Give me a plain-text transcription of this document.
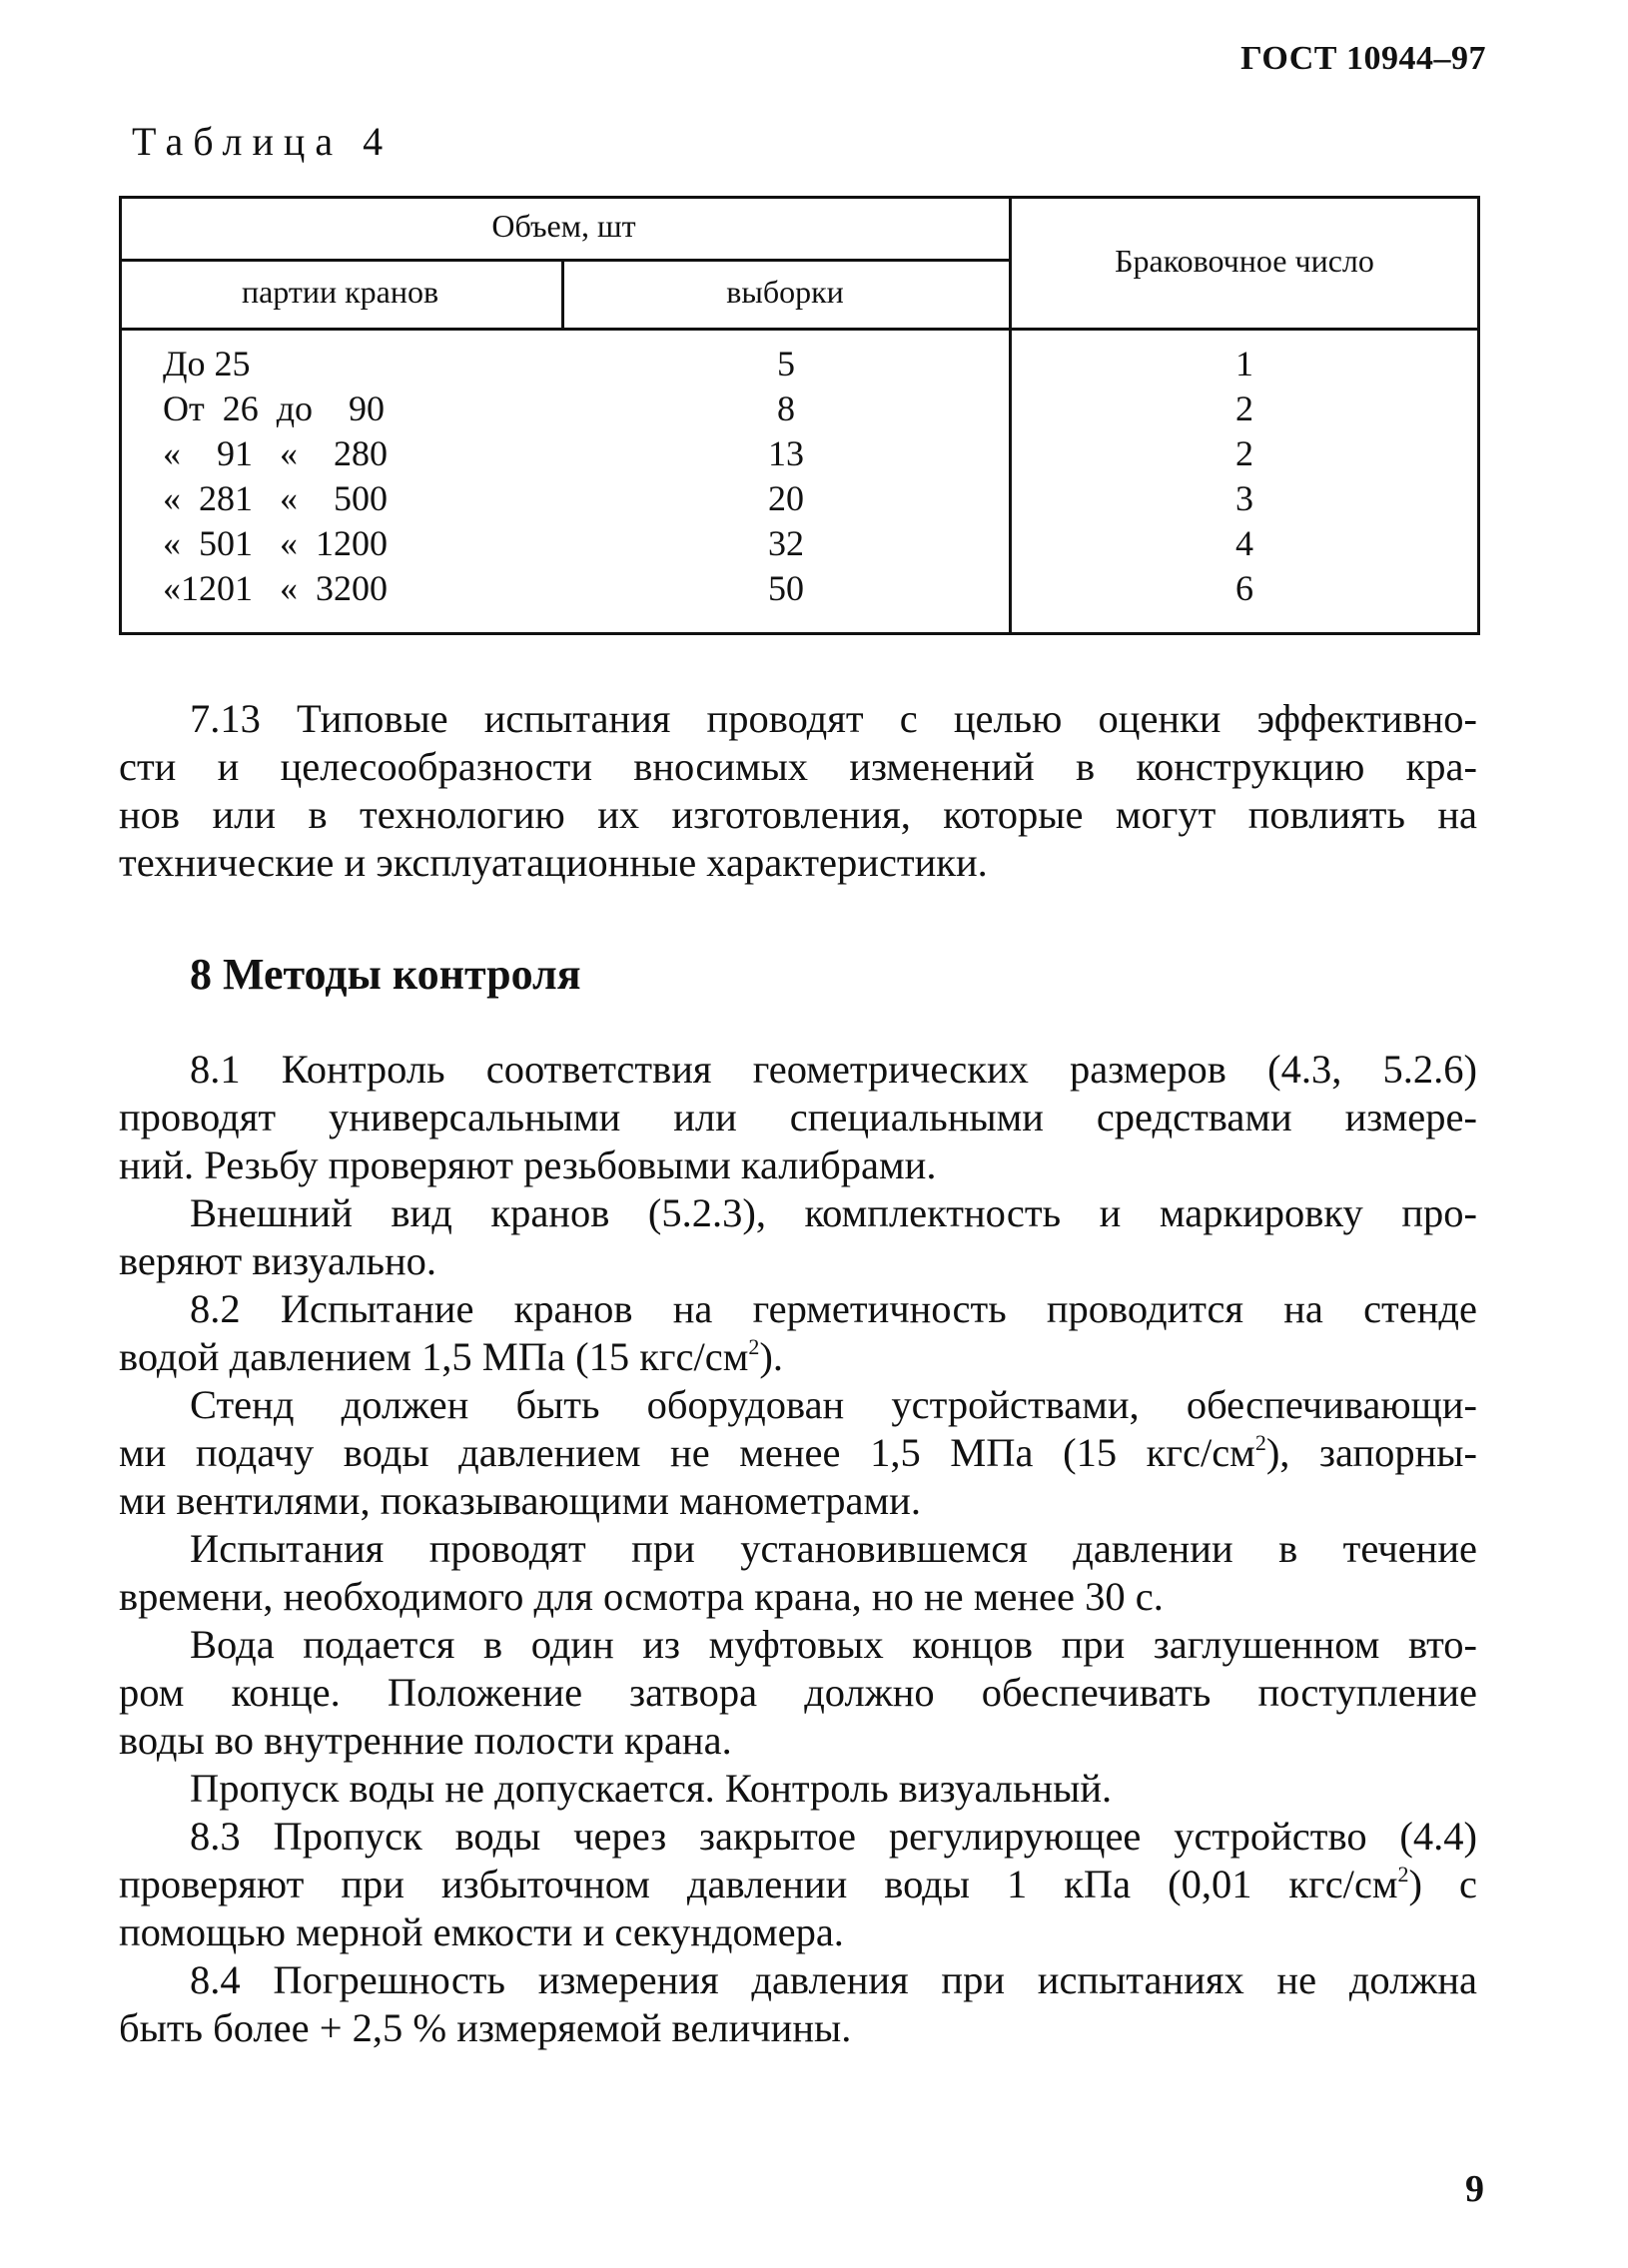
ГОСТ 10944–97
Таблица 4
Объем, шт
партии кранов	выборки
Браковочное число
До 25
От  26  до    90
«    91   «    280
«  281   «    500
«  501   «  1200
«1201   «  3200
5
8
13
20
32
50
1
2
2
3
4
6
7.13 Типовые испытания проводят с целью оценки эффективно-
сти и целесообразности вносимых изменений в конструкцию кра-
нов или в технологию их изготовления, которые могут повлиять на
технические и эксплуатационные характеристики.
8 Методы контроля
8.1 Контроль соответствия геометрических размеров (4.3, 5.2.6)
проводят универсальными или специальными средствами измере-
ний. Резьбу проверяют резьбовыми калибрами.
Внешний вид кранов (5.2.3), комплектность и маркировку про-
веряют визуально.
8.2 Испытание кранов на герметичность проводится на стенде
водой давлением 1,5 МПа (15 кгс/$см^2$).
Стенд должен быть оборудован устройствами, обеспечивающи-
ми подачу воды давлением не менее 1,5 МПа (15 кгс/$см^2$), запорны-
ми вентилями, показывающими манометрами.
Испытания проводят при установившемся давлении в течение
времени, необходимого для осмотра крана, но не менее 30 с.
Вода подается в один из муфтовых концов при заглушенном вто-
ром конце. Положение затвора должно обеспечивать поступление
воды во внутренние полости крана.
Пропуск воды не допускается. Контроль визуальный.
8.3 Пропуск воды через закрытое регулирующее устройство (4.4)
проверяют при избыточном давлении воды 1 кПа (0,01 кгс/$см^2$) с
помощью мерной емкости и секундомера.
8.4 Погрешность измерения давления при испытаниях не должна
быть более + 2,5 % измеряемой величины.
9
